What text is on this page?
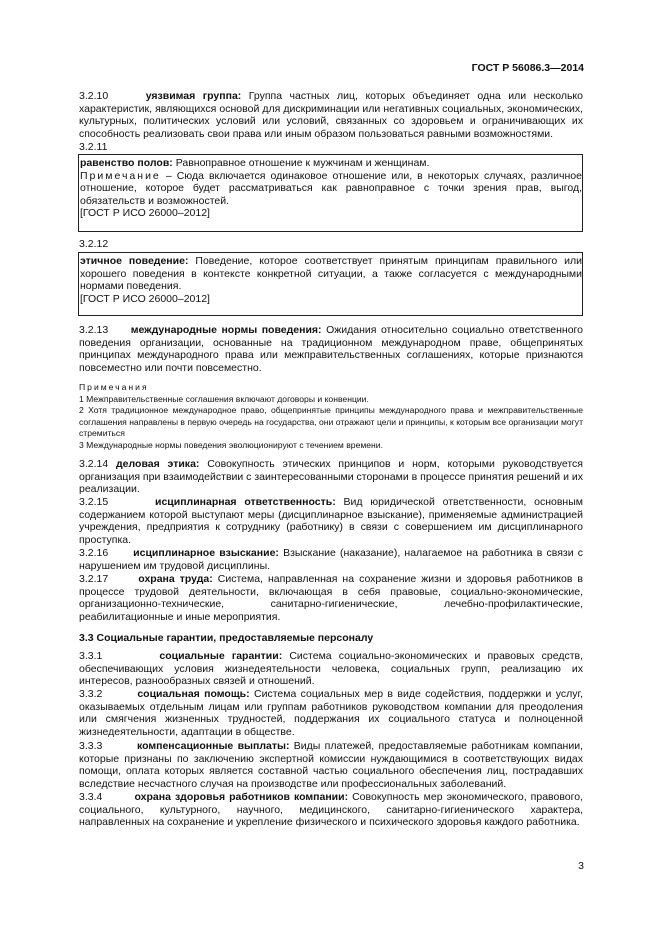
ГОСТ Р 56086.3—2014

3.2.10	уязвимая группа: Группа частных лиц, которых объединяет одна или несколько характеристик, являющихся основой для дискриминации или негативных социальных, экономических, культурных, политических условий или условий, связанных со здоровьем и ограничивающих их способность реализовать свои права или иным образом пользоваться равными возможностями.

3.2.11

равенство полов: Равноправное отношение к мужчинам и женщинам.

Примечание – Сюда включается одинаковое отношение или, в некоторых случаях, различное отношение, которое будет рассматриваться как равноправное с точки зрения прав, выгод, обязательств и возможностей.

[ГОСТ Р ИСО 26000–2012]

3.2.12

этичное поведение: Поведение, которое соответствует принятым принципам правильного или хорошего поведения в контексте конкретной ситуации, а также согласуется с международными нормами поведения.

[ГОСТ Р ИСО 26000–2012]

3.2.13 международные нормы поведения: Ожидания относительно социально ответственного поведения организации, основанные на традиционном международном праве, общепринятых принципах международного права или межправительственных соглашениях, которые признаются повсеместно или почти повсеместно.

Примечания

1 Межправительственные соглашения включают договоры и конвенции.

2 Хотя традиционное международное право, общепринятые принципы международного права и межправительственные соглашения направлены в первую очередь на государства, они отражают цели и принципы, к которым все организации могут стремиться

3 Международные нормы поведения эволюционируют с течением времени.

3.2.14 деловая этика: Совокупность этических принципов и норм, которыми руководствуется организация при взаимодействии с заинтересованными сторонами в процессе принятия решений и их реализации.

3.2.15	исциплинарная ответственность: Вид юридической ответственности, основным содержанием которой выступают меры (дисциплинарное взыскание), применяемые администрацией учреждения, предприятия к сотруднику (работнику) в связи с совершением им дисциплинарного проступка.

3.2.16 исциплинарное взыскание: Взыскание (наказание), налагаемое на работника в связи с нарушением им трудовой дисциплины.

3.2.17	охрана труда: Система, направленная на сохранение жизни и здоровья работников в процессе трудовой деятельности, включающая в себя правовые, социально-экономические, организационно-технические, санитарно-гигиенические, лечебно-профилактические, реабилитационные и иные мероприятия.

3.3 Социальные гарантии, предоставляемые персоналу

3.3.1	социальные гарантии: Система социально-экономических и правовых средств, обеспечивающих условия жизнедеятельности человека, социальных групп, реализацию их интересов, разнообразных связей и отношений.

3.3.2	социальная помощь: Система социальных мер в виде содействия, поддержки и услуг, оказываемых отдельным лицам или группам работников руководством компании для преодоления или смягчения жизненных трудностей, поддержания их социального статуса и полноценной жизнедеятельности, адаптации в обществе.

3.3.3	компенсационные выплаты: Виды платежей, предоставляемые работникам компании, которые признаны по заключению экспертной комиссии нуждающимися в соответствующих видах помощи, оплата которых является составной частью социального обеспечения лиц, пострадавших вследствие несчастного случая на производстве или профессиональных заболеваний.

3.3.4	охрана здоровья работников компании: Совокупность мер экономического, правового, социального, культурного, научного, медицинского, санитарно-гигиенического характера, направленных на сохранение и укрепление физического и психического здоровья каждого работника.

3
